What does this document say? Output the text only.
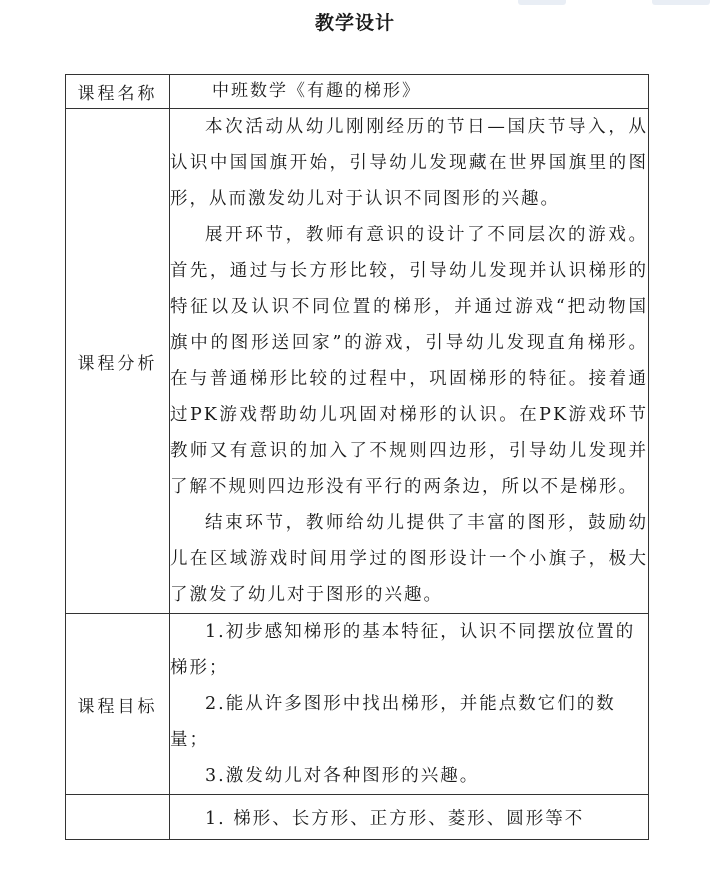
教学设计
课程名称	中班数学《有趣的梯形》

课程分析	本次活动从幼儿刚刚经历的节日—国庆节导入，从认识中国国旗开始，引导幼儿发现藏在世界国旗里的图形，从而激发幼儿对于认识不同图形的兴趣。

展开环节，教师有意识的设计了不同层次的游戏。首先，通过与长方形比较，引导幼儿发现并认识梯形的特征以及认识不同位置的梯形，并通过游戏“把动物国旗中的图形送回家”的游戏，引导幼儿发现直角梯形。在与普通梯形比较的过程中，巩固梯形的特征。接着通过PK游戏帮助幼儿巩固对梯形的认识。在PK游戏环节教师又有意识的加入了不规则四边形，引导幼儿发现并了解不规则四边形没有平行的两条边，所以不是梯形。

结束环节，教师给幼儿提供了丰富的图形，鼓励幼儿在区域游戏时间用学过的图形设计一个小旗子，极大了激发了幼儿对于图形的兴趣。

课程目标	1.初步感知梯形的基本特征，认识不同摆放位置的梯形；

2.能从许多图形中找出梯形，并能点数它们的数量；

3.激发幼儿对各种图形的兴趣。

	1. 梯形、长方形、正方形、菱形、圆形等不
